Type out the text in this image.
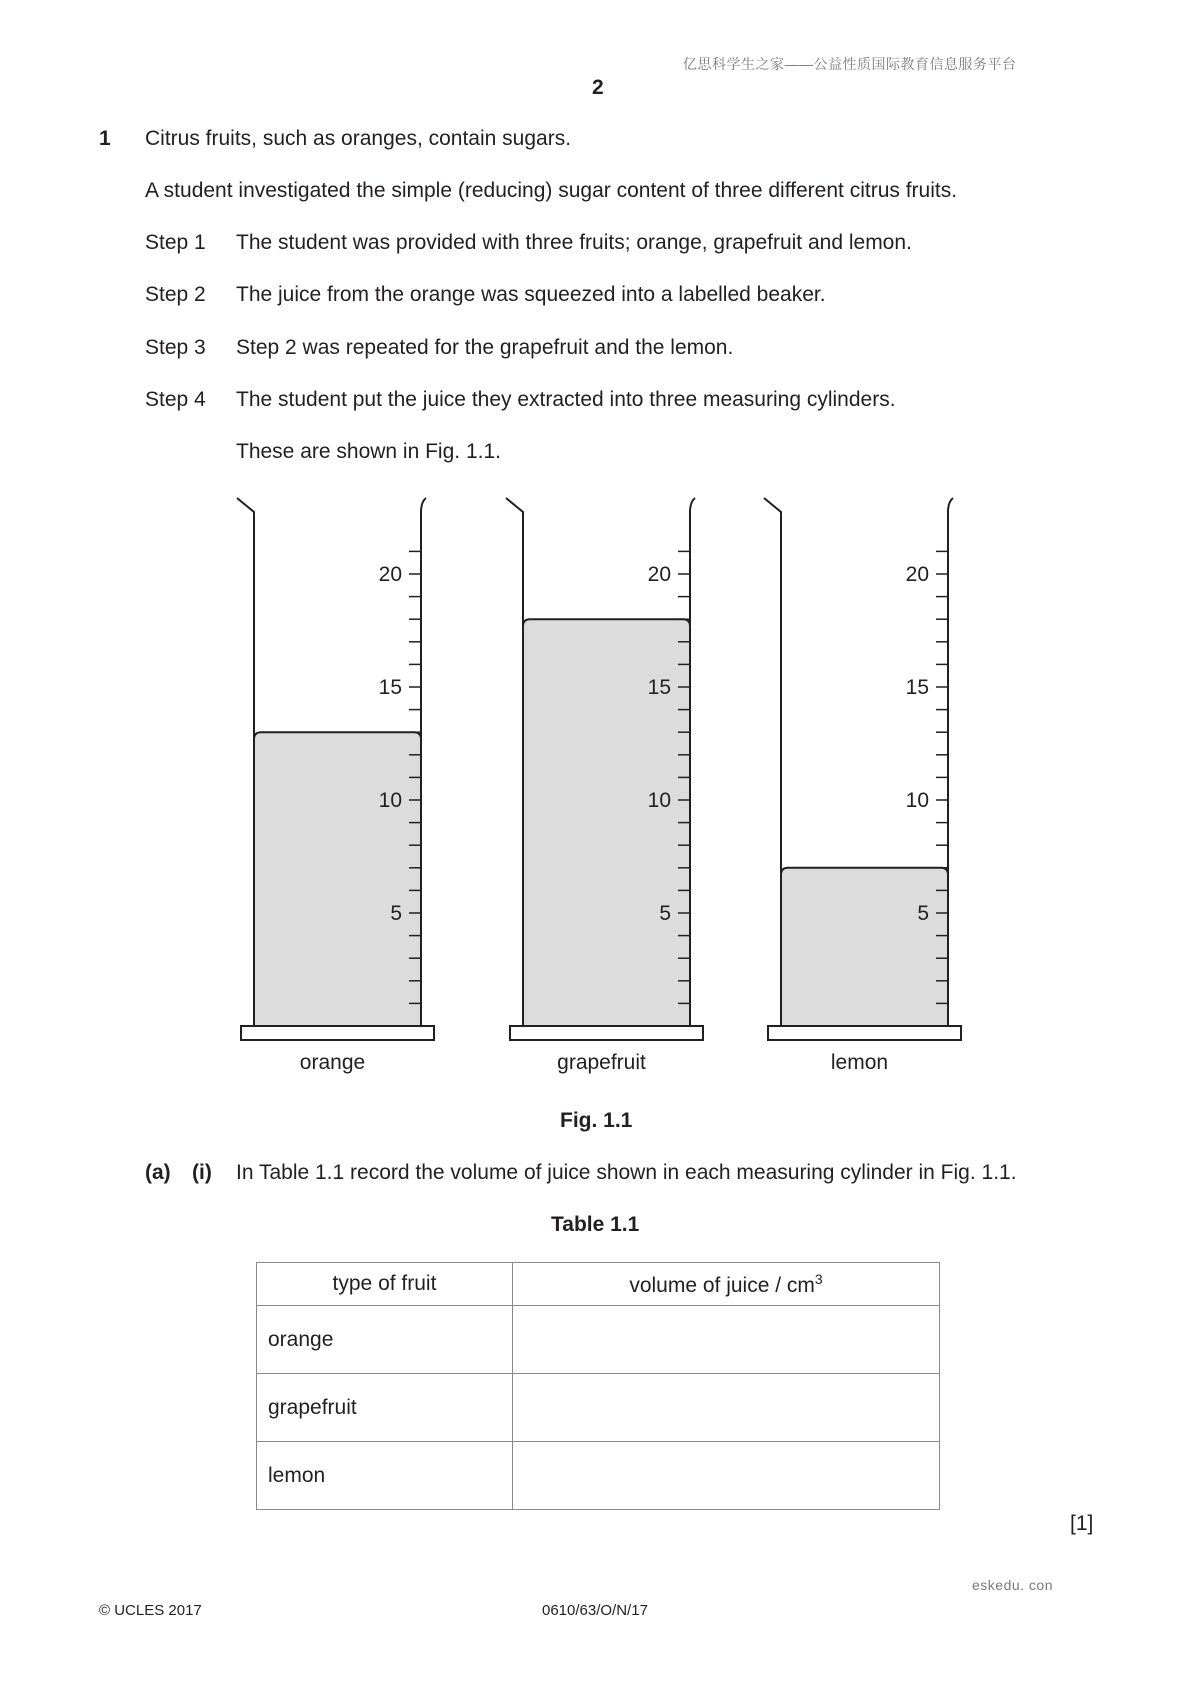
亿思科学生之家——公益性质国际教育信息服务平台
2
1 Citrus fruits, such as oranges, contain sugars.
A student investigated the simple (reducing) sugar content of three different citrus fruits.
Step 1 The student was provided with three fruits; orange, grapefruit and lemon.
Step 2 The juice from the orange was squeezed into a labelled beaker.
Step 3 Step 2 was repeated for the grapefruit and the lemon.
Step 4 The student put the juice they extracted into three measuring cylinders.
These are shown in Fig. 1.1.
20
15
10
5
orange
20
15
10
5
grapefruit
20
15
10
5
lemon
Fig. 1.1
(a) (i) In Table 1.1 record the volume of juice shown in each measuring cylinder in Fig. 1.1.
Table 1.1
type of fruit	volume of juice / $cm^3$
orange	
grapefruit	
lemon	
[1]
eskedu. con
© UCLES 2017	0610/63/O/N/17
